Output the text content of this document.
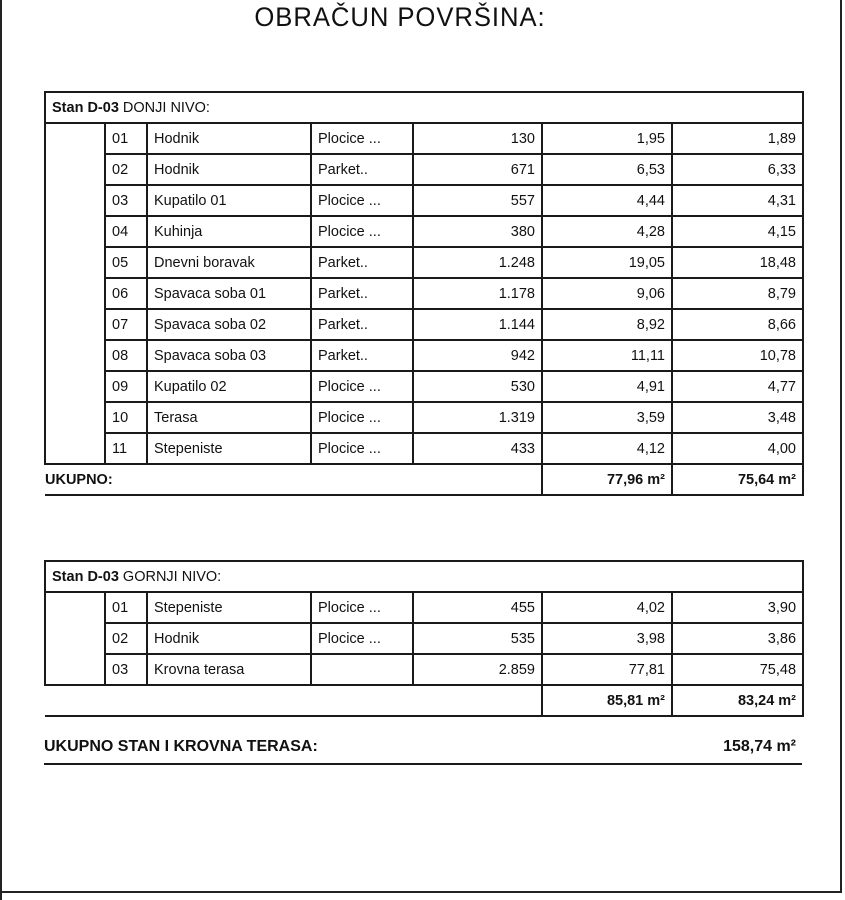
OBRAČUN POVRŠINA:
Stan D-03 DONJI NIVO:						
	01	Hodnik	Plocice ...	130	1,95	1,89
	02	Hodnik	Parket..	671	6,53	6,33
	03	Kupatilo 01	Plocice ...	557	4,44	4,31
	04	Kuhinja	Plocice ...	380	4,28	4,15
	05	Dnevni boravak	Parket..	1.248	19,05	18,48
	06	Spavaca soba 01	Parket..	1.178	9,06	8,79
	07	Spavaca soba 02	Parket..	1.144	8,92	8,66
	08	Spavaca soba 03	Parket..	942	11,11	10,78
	09	Kupatilo 02	Plocice ...	530	4,91	4,77
	10	Terasa	Plocice ...	1.319	3,59	3,48
	11	Stepeniste	Plocice ...	433	4,12	4,00
UKUPNO:					77,96 m²	75,64 m²
Stan D-03 GORNJI NIVO:						
	01	Stepeniste	Plocice ...	455	4,02	3,90
	02	Hodnik	Plocice ...	535	3,98	3,86
	03	Krovna terasa		2.859	77,81	75,48
					85,81 m²	83,24 m²
UKUPNO STAN I KROVNA TERASA:	158,74 m²
